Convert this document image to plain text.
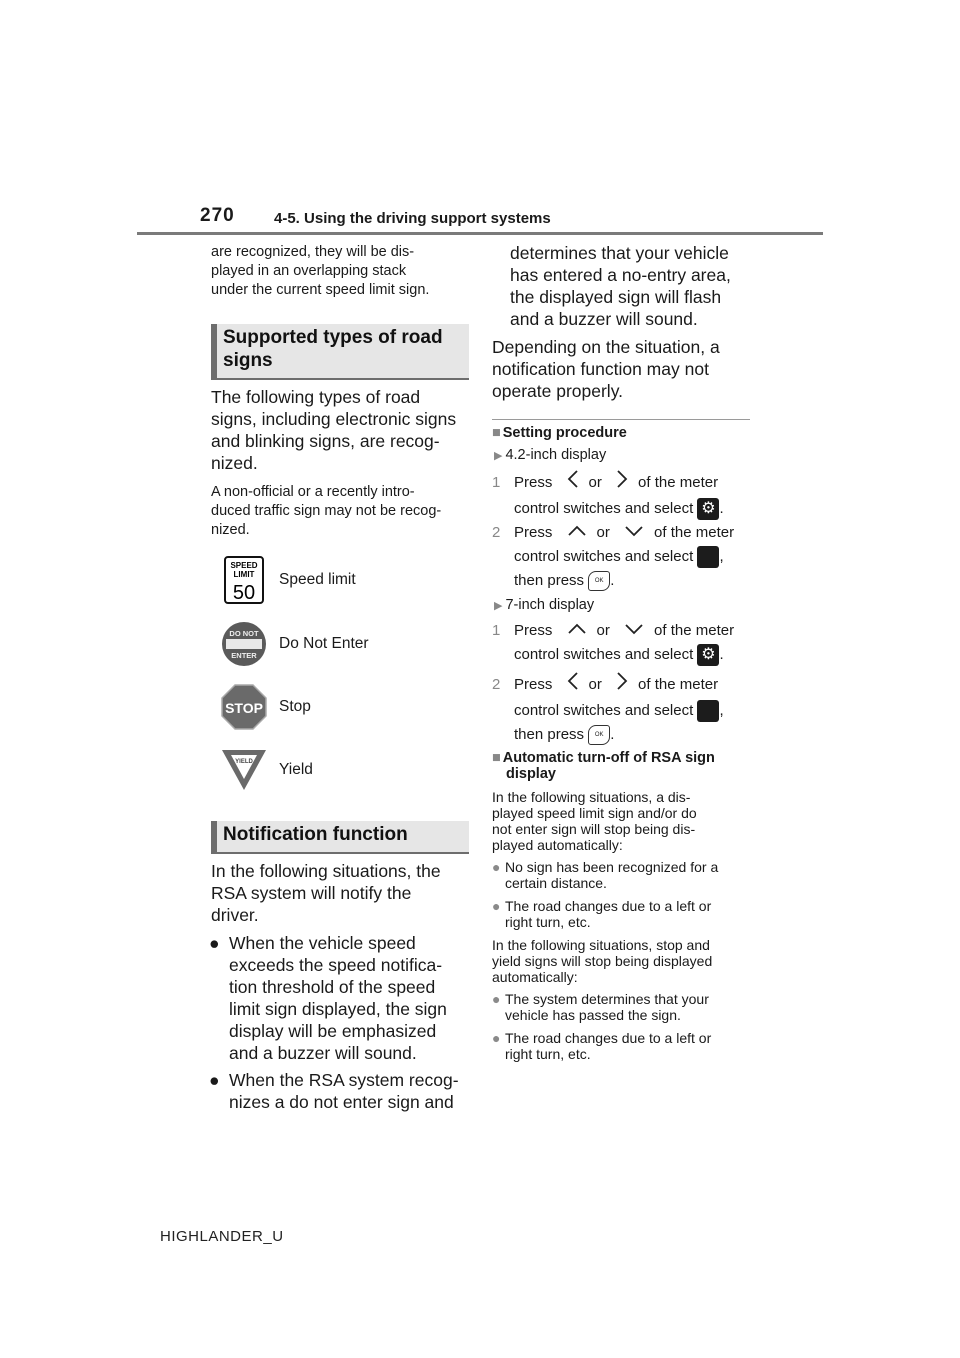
270	4-5. Using the driving support systems
are recognized, they will be dis-
played in an overlapping stack
under the current speed limit sign.
Supported types of road
signs
The following types of road
signs, including electronic signs
and blinking signs, are recog-
nized.
A non-official or a recently intro-
duced traffic sign may not be recog-
nized.
SPEED
LIMIT
50
Speed limit
DO NOT
ENTER
Do Not Enter
STOP Stop
YIELD Yield
Notification function
In the following situations, the
RSA system will notify the
driver.
● When the vehicle speed
exceeds the speed notifica-
tion threshold of the speed
limit sign displayed, the sign
display will be emphasized
and a buzzer will sound.
● When the RSA system recog-
nizes a do not enter sign and
determines that your vehicle
has entered a no-entry area,
the displayed sign will flash
and a buzzer will sound.
Depending on the situation, a
notification function may not
operate properly.
■ Setting procedure
▶ 4.2-inch display
1 Press or of the meter
control switches and select ⚙ .
2 Press	or	of the meter
control switches and select ,
then press OK .
▶ 7-inch display
1 Press	or	of the meter
control switches and select ⚙ .
2 Press or of the meter
control switches and select ,
then press OK .
■ Automatic turn-off of RSA sign
display
In the following situations, a dis-
played speed limit sign and/or do
not enter sign will stop being dis-
played automatically:
● No sign has been recognized for a
certain distance.
● The road changes due to a left or
right turn, etc.
In the following situations, stop and
yield signs will stop being displayed
automatically:
● The system determines that your
vehicle has passed the sign.
● The road changes due to a left or
right turn, etc.
HIGHLANDER_U
